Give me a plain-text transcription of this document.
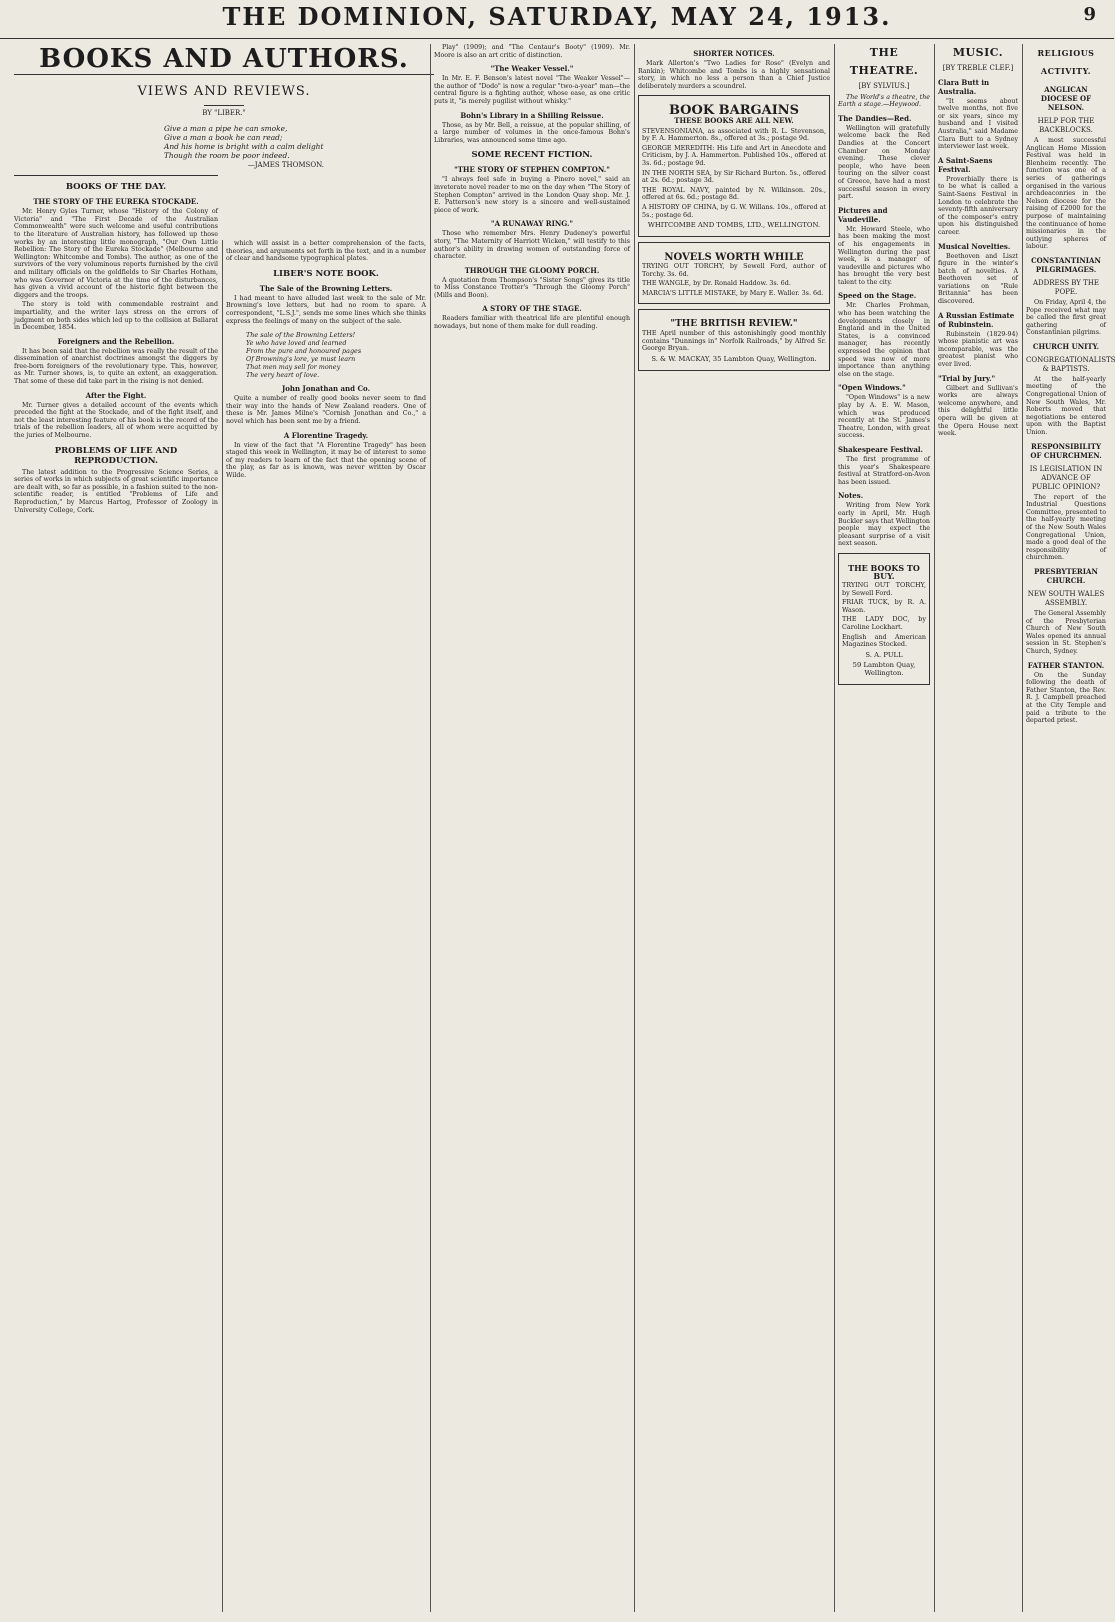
THE DOMINION, SATURDAY, MAY 24, 1913.	9
BOOKS AND AUTHORS.
VIEWS AND REVIEWS.
BY "LIBER."
Give a man a pipe he can smoke,
Give a man a book he can read;
And his home is bright with a calm delight
Though the room be poor indeed.
—JAMES THOMSON.
BOOKS OF THE DAY.
THE STORY OF THE EUREKA STOCKADE.

Mr. Henry Gyles Turner, whose "History of the Colony of Victoria" and "The First Decade of the Australian Commonwealth" were such welcome and useful contributions to the literature of Australian history, has followed up those works by an interesting little monograph, "Our Own Little Rebellion: The Story of the Eureka Stockade" (Melbourne and Wellington: Whitcombe and Tombs). The author, as one of the survivors of the very voluminous reports furnished by the civil and military officials on the goldfields to Sir Charles Hotham, who was Governor of Victoria at the time of the disturbances, has given a vivid account of the historic fight between the diggers and the troops.

The story is told with commendable restraint and impartiality, and the writer lays stress on the errors of judgment on both sides which led up to the collision at Ballarat in December, 1854.

Foreigners and the Rebellion.

It has been said that the rebellion was really the result of the dissemination of anarchist doctrines amongst the diggers by free-born foreigners of the revolutionary type. This, however, as Mr. Turner shows, is, to quite an extent, an exaggeration. That some of these did take part in the rising is not denied.

After the Fight.

Mr. Turner gives a detailed account of the events which preceded the fight at the Stockade, and of the fight itself, and not the least interesting feature of his book is the record of the trials of the rebellion leaders, all of whom were acquitted by the juries of Melbourne.

PROBLEMS OF LIFE AND REPRODUCTION.

The latest addition to the Progressive Science Series, a series of works in which subjects of great scientific importance are dealt with, so far as possible, in a fashion suited to the non-scientific reader, is entitled "Problems of Life and Reproduction," by Marcus Hartog, Professor of Zoology in University College, Cork.

which will assist in a better comprehension of the facts, theories, and arguments set forth in the text, and in a number of clear and handsome typographical plates.

LIBER'S NOTE BOOK.
The Sale of the Browning Letters.

I had meant to have alluded last week to the sale of Mr. Browning's love letters, but had no room to spare. A correspondent, "L.S.J.", sends me some lines which she thinks express the feelings of many on the subject of the sale.

The sale of the Browning Letters!
Ye who have loved and learned
From the pure and honoured pages
Of Browning's lore, ye must learn
That men may sell for money
The very heart of love.
John Jonathan and Co.

Quite a number of really good books never seem to find their way into the hands of New Zealand readers. One of these is Mr. James Milne's "Cornish Jonathan and Co.," a novel which has been sent me by a friend.

A Florentine Tragedy.

In view of the fact that "A Florentine Tragedy" has been staged this week in Wellington, it may be of interest to some of my readers to learn of the fact that the opening scene of the play, as far as is known, was never written by Oscar Wilde.

Play" (1909); and "The Centaur's Booty" (1909). Mr. Moore is also an art critic of distinction.

"The Weaker Vessel."

In Mr. E. F. Benson's latest novel "The Weaker Vessel"—the author of "Dodo" is now a regular "two-a-year" man—the central figure is a fighting author, whose ease, as one critic puts it, "is merely pugilist without whisky."

Bohn's Library in a Shilling Reissue.

Those, as by Mr. Bell, a reissue, at the popular shilling, of a large number of volumes in the once-famous Bohn's Libraries, was announced some time ago.

SOME RECENT FICTION.
"THE STORY OF STEPHEN COMPTON."

"I always feel safe in buying a Pinero novel," said an inveterate novel reader to me on the day when "The Story of Stephen Compton" arrived in the London Quay shop. Mr. J. E. Patterson's new story is a sincere and well-sustained piece of work.

"A RUNAWAY RING."

Those who remember Mrs. Henry Dudeney's powerful story, "The Maternity of Harriott Wicken," will testify to this author's ability in drawing women of outstanding force of character.

THROUGH THE GLOOMY PORCH.

A quotation from Thompson's "Sister Songs" gives its title to Miss Constance Trotter's "Through the Gloomy Porch" (Mills and Boon).

A STORY OF THE STAGE.

Readers familiar with theatrical life are plentiful enough nowadays, but none of them make for dull reading.

SHORTER NOTICES.

Mark Allerton's "Two Ladies for Rose" (Evelyn and Rankin); Whitcombe and Tombs is a highly sensational story, in which no less a person than a Chief Justice deliberately murders a scoundrel.

BOOK BARGAINS
THESE BOOKS ARE ALL NEW.
STEVENSONIANA, as associated with R. L. Stevenson, by F. A. Hammerton. 8s., offered at 3s.; postage 9d.
GEORGE MEREDITH: His Life and Art in Anecdote and Criticism, by J. A. Hammerton. Published 10s., offered at 3s. 6d.; postage 9d.
IN THE NORTH SEA, by Sir Richard Burton. 5s., offered at 2s. 6d.; postage 3d.
THE ROYAL NAVY, painted by N. Wilkinson. 20s., offered at 6s. 6d.; postage 8d.
A HISTORY OF CHINA, by G. W. Willans. 10s., offered at 5s.; postage 6d.
WHITCOMBE AND TOMBS, LTD., WELLINGTON.
NOVELS WORTH WHILE
TRYING OUT TORCHY, by Sewell Ford, author of Torchy. 3s. 6d.
THE WANGLE, by Dr. Ronald Haddow. 3s. 6d.
MARCIA'S LITTLE MISTAKE, by Mary E. Waller. 3s. 6d.
"THE BRITISH REVIEW."
THE April number of this astonishingly good monthly contains "Dunnings in" Norfolk Railroads," by Alfred Sr. George Bryan.
S. & W. MACKAY, 35 Lambton Quay, Wellington.
THE THEATRE.
[BY SYLVIUS.]

The World's a theatre, the Earth a stage.—Heywood.

The Dandies—Red.

Wellington will gratefully welcome back the Red Dandies at the Concert Chamber on Monday evening. These clever people, who have been touring on the silver coast of Greece, have had a most successful season in every part.

Pictures and Vaudeville.

Mr. Howard Steele, who has been making the most of his engagements in Wellington during the past week, is a manager of vaudeville and pictures who has brought the very best talent to the city.

Speed on the Stage.

Mr. Charles Frohman, who has been watching the developments closely in England and in the United States, is a convinced manager, has recently expressed the opinion that speed was now of more importance than anything else on the stage.

"Open Windows."

"Open Windows" is a new play by A. E. W. Mason, which was produced recently at the St. James's Theatre, London, with great success.

Shakespeare Festival.

The first programme of this year's Shakespeare festival at Stratford-on-Avon has been issued.

Notes.

Writing from New York early in April, Mr. Hugh Buckler says that Wellington people may expect the pleasant surprise of a visit next season.

THE BOOKS TO BUY.
TRYING OUT TORCHY, by Sewell Ford.
FRIAR TUCK, by R. A. Wason.
THE LADY DOC, by Caroline Lockhart.
English and American Magazines Stocked.
S. A. PULL
59 Lambton Quay, Wellington.
MUSIC.
[BY TREBLE CLEF.]
Clara Butt in Australia.

"It seems about twelve months, not five or six years, since my husband and I visited Australia," said Madame Clara Butt to a Sydney interviewer last week.

A Saint-Saens Festival.

Proverbially there is to be what is called a Saint-Saens Festival in London to celebrate the seventy-fifth anniversary of the composer's entry upon his distinguished career.

Musical Novelties.

Beethoven and Liszt figure in the winter's batch of novelties. A Beethoven set of variations on "Rule Britannia" has been discovered.

A Russian Estimate of Rubinstein.

Rubinstein (1829-94) whose pianistic art was incomparable, was the greatest pianist who ever lived.

"Trial by Jury."

Gilbert and Sullivan's works are always welcome anywhere, and this delightful little opera will be given at the Opera House next week.

RELIGIOUS ACTIVITY.
ANGLICAN DIOCESE OF NELSON.
HELP FOR THE BACKBLOCKS.

A most successful Anglican Home Mission Festival was held in Blenheim recently. The function was one of a series of gatherings organised in the various archdeaconries in the Nelson diocese for the raising of £2000 for the purpose of maintaining the continuance of home missionaries in the outlying spheres of labour.

CONSTANTINIAN PILGRIMAGES.
ADDRESS BY THE POPE.

On Friday, April 4, the Pope received what may be called the first great gathering of Constantinian pilgrims.

CHURCH UNITY.
CONGREGATIONALISTS & BAPTISTS.

At the half-yearly meeting of the Congregational Union of New South Wales, Mr. Roberts moved that negotiations be entered upon with the Baptist Union.

RESPONSIBILITY OF CHURCHMEN.
IS LEGISLATION IN ADVANCE OF PUBLIC OPINION?

The report of the Industrial Questions Committee, presented to the half-yearly meeting of the New South Wales Congregational Union, made a good deal of the responsibility of churchmen.

PRESBYTERIAN CHURCH.
NEW SOUTH WALES ASSEMBLY.

The General Assembly of the Presbyterian Church of New South Wales opened its annual session in St. Stephen's Church, Sydney.

FATHER STANTON.

On the Sunday following the death of Father Stanton, the Rev. R. J. Campbell preached at the City Temple and paid a tribute to the departed priest.
